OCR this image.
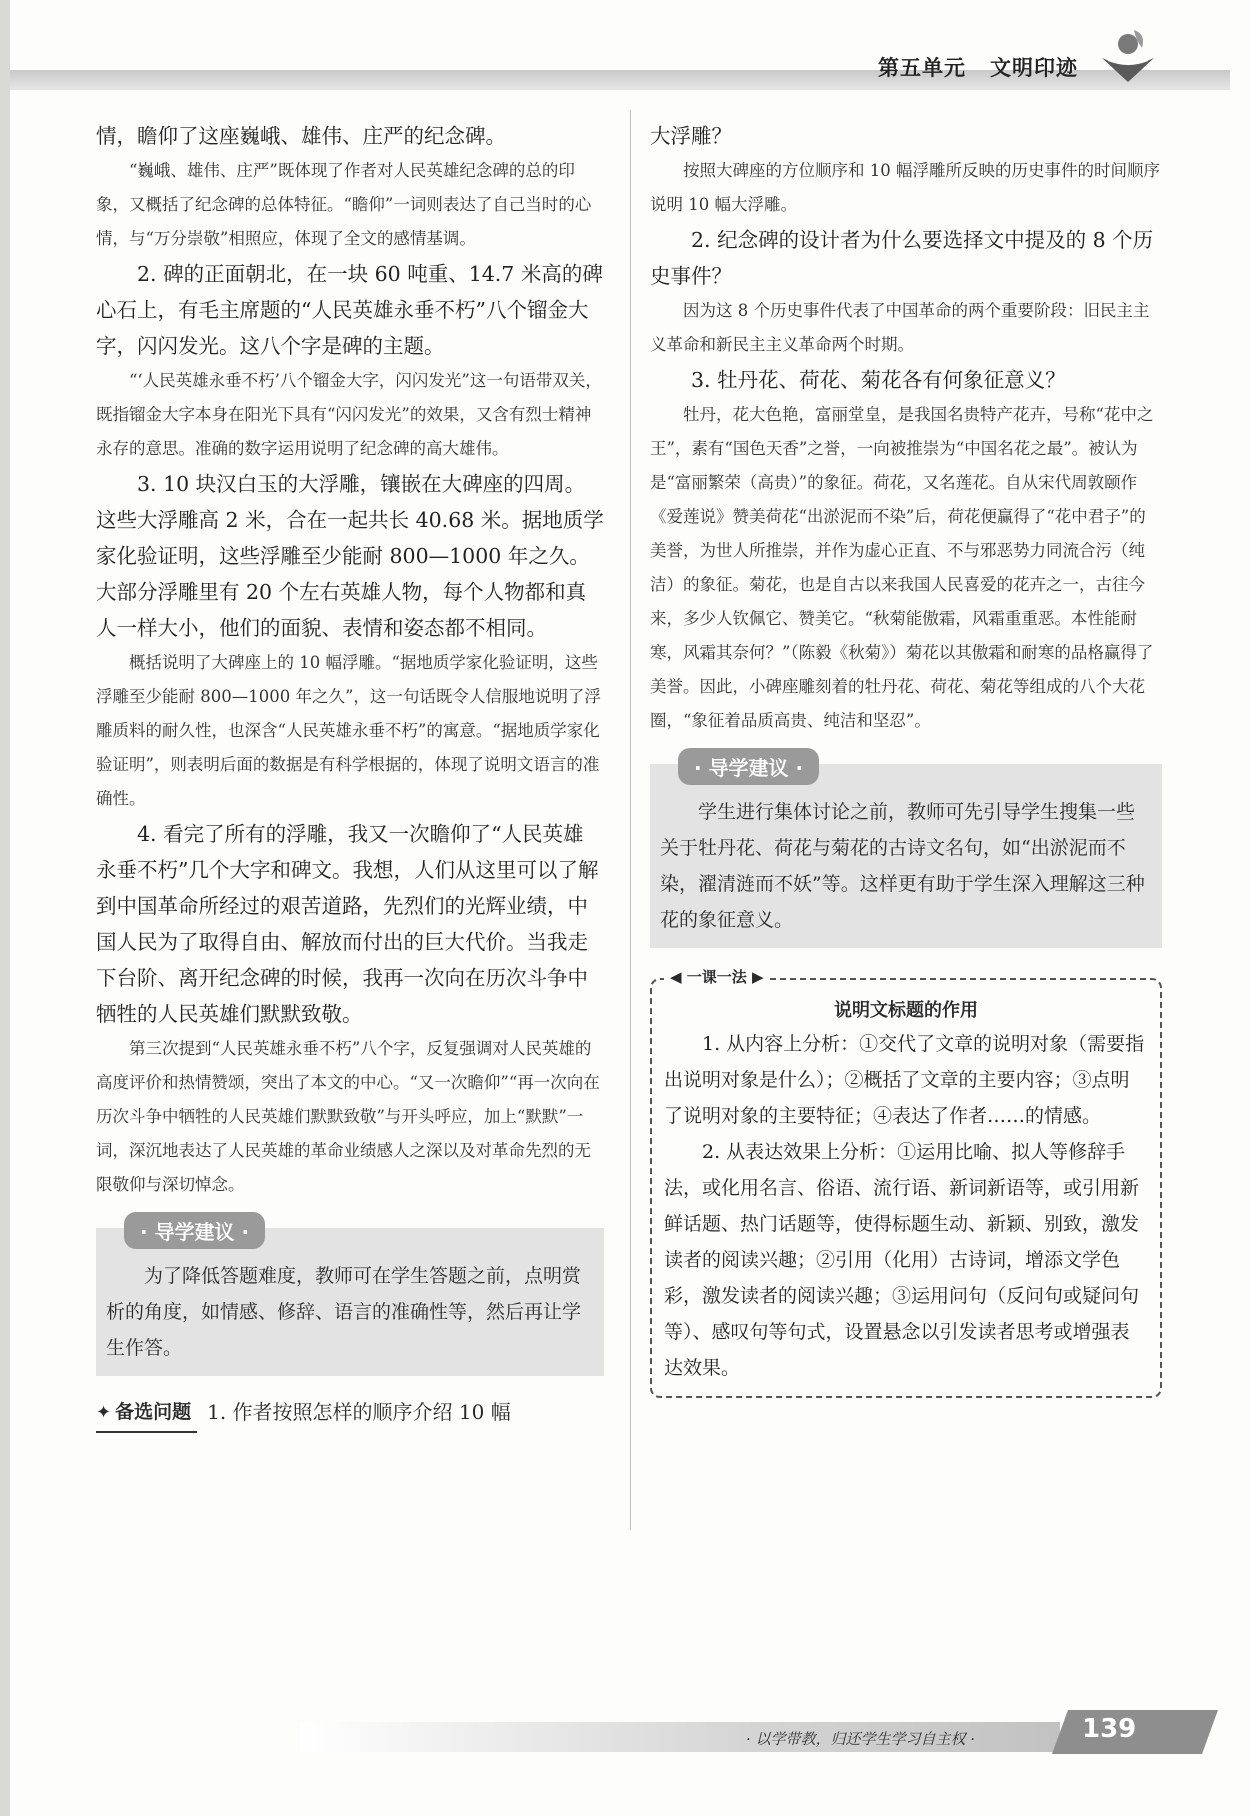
第五单元 文明印迹

情，瞻仰了这座巍峨、雄伟、庄严的纪念碑。

“巍峨、雄伟、庄严”既体现了作者对人民英雄纪念碑的总的印象，又概括了纪念碑的总体特征。“瞻仰”一词则表达了自己当时的心情，与“万分崇敬”相照应，体现了全文的感情基调。

2. 碑的正面朝北，在一块 60 吨重、14.7 米高的碑心石上，有毛主席题的“人民英雄永垂不朽”八个镏金大字，闪闪发光。这八个字是碑的主题。

“‘人民英雄永垂不朽’八个镏金大字，闪闪发光”这一句语带双关，既指镏金大字本身在阳光下具有“闪闪发光”的效果，又含有烈士精神永存的意思。准确的数字运用说明了纪念碑的高大雄伟。

3. 10 块汉白玉的大浮雕，镶嵌在大碑座的四周。这些大浮雕高 2 米，合在一起共长 40.68 米。据地质学家化验证明，这些浮雕至少能耐 800—1000 年之久。大部分浮雕里有 20 个左右英雄人物，每个人物都和真人一样大小，他们的面貌、表情和姿态都不相同。

概括说明了大碑座上的 10 幅浮雕。“据地质学家化验证明，这些浮雕至少能耐 800—1000 年之久”，这一句话既令人信服地说明了浮雕质料的耐久性，也深含“人民英雄永垂不朽”的寓意。“据地质学家化验证明”，则表明后面的数据是有科学根据的，体现了说明文语言的准确性。

4. 看完了所有的浮雕，我又一次瞻仰了“人民英雄永垂不朽”几个大字和碑文。我想，人们从这里可以了解到中国革命所经过的艰苦道路，先烈们的光辉业绩，中国人民为了取得自由、解放而付出的巨大代价。当我走下台阶、离开纪念碑的时候，我再一次向在历次斗争中牺牲的人民英雄们默默致敬。

第三次提到“人民英雄永垂不朽”八个字，反复强调对人民英雄的高度评价和热情赞颂，突出了本文的中心。“又一次瞻仰”“再一次向在历次斗争中牺牲的人民英雄们默默致敬”与开头呼应，加上“默默”一词，深沉地表达了人民英雄的革命业绩感人之深以及对革命先烈的无限敬仰与深切悼念。

· 导学建议 ·

为了降低答题难度，教师可在学生答题之前，点明赏析的角度，如情感、修辞、语言的准确性等，然后再让学生作答。

✦ 备选问题 1. 作者按照怎样的顺序介绍 10 幅

大浮雕？

按照大碑座的方位顺序和 10 幅浮雕所反映的历史事件的时间顺序说明 10 幅大浮雕。

2. 纪念碑的设计者为什么要选择文中提及的 8 个历史事件？

因为这 8 个历史事件代表了中国革命的两个重要阶段：旧民主主义革命和新民主主义革命两个时期。

3. 牡丹花、荷花、菊花各有何象征意义？

牡丹，花大色艳，富丽堂皇，是我国名贵特产花卉，号称“花中之王”，素有“国色天香”之誉，一向被推崇为“中国名花之最”。被认为是“富丽繁荣（高贵）”的象征。荷花，又名莲花。自从宋代周敦颐作《爱莲说》赞美荷花“出淤泥而不染”后，荷花便赢得了“花中君子”的美誉，为世人所推崇，并作为虚心正直、不与邪恶势力同流合污（纯洁）的象征。菊花，也是自古以来我国人民喜爱的花卉之一，古往今来，多少人钦佩它、赞美它。“秋菊能傲霜，风霜重重恶。本性能耐寒，风霜其奈何？”（陈毅《秋菊》）菊花以其傲霜和耐寒的品格赢得了美誉。因此，小碑座雕刻着的牡丹花、荷花、菊花等组成的八个大花圈，“象征着品质高贵、纯洁和坚忍”。

· 导学建议 ·

学生进行集体讨论之前，教师可先引导学生搜集一些关于牡丹花、荷花与菊花的古诗文名句，如“出淤泥而不染，濯清涟而不妖”等。这样更有助于学生深入理解这三种花的象征意义。

◀ 一课一法 ▶
说明文标题的作用

1. 从内容上分析：①交代了文章的说明对象（需要指出说明对象是什么）；②概括了文章的主要内容；③点明了说明对象的主要特征；④表达了作者……的情感。

2. 从表达效果上分析：①运用比喻、拟人等修辞手法，或化用名言、俗语、流行语、新词新语等，或引用新鲜话题、热门话题等，使得标题生动、新颖、别致，激发读者的阅读兴趣；②引用（化用）古诗词，增添文学色彩，激发读者的阅读兴趣；③运用问句（反问句或疑问句等）、感叹句等句式，设置悬念以引发读者思考或增强表达效果。

· 以学带教，归还学生学习自主权 ·	139
